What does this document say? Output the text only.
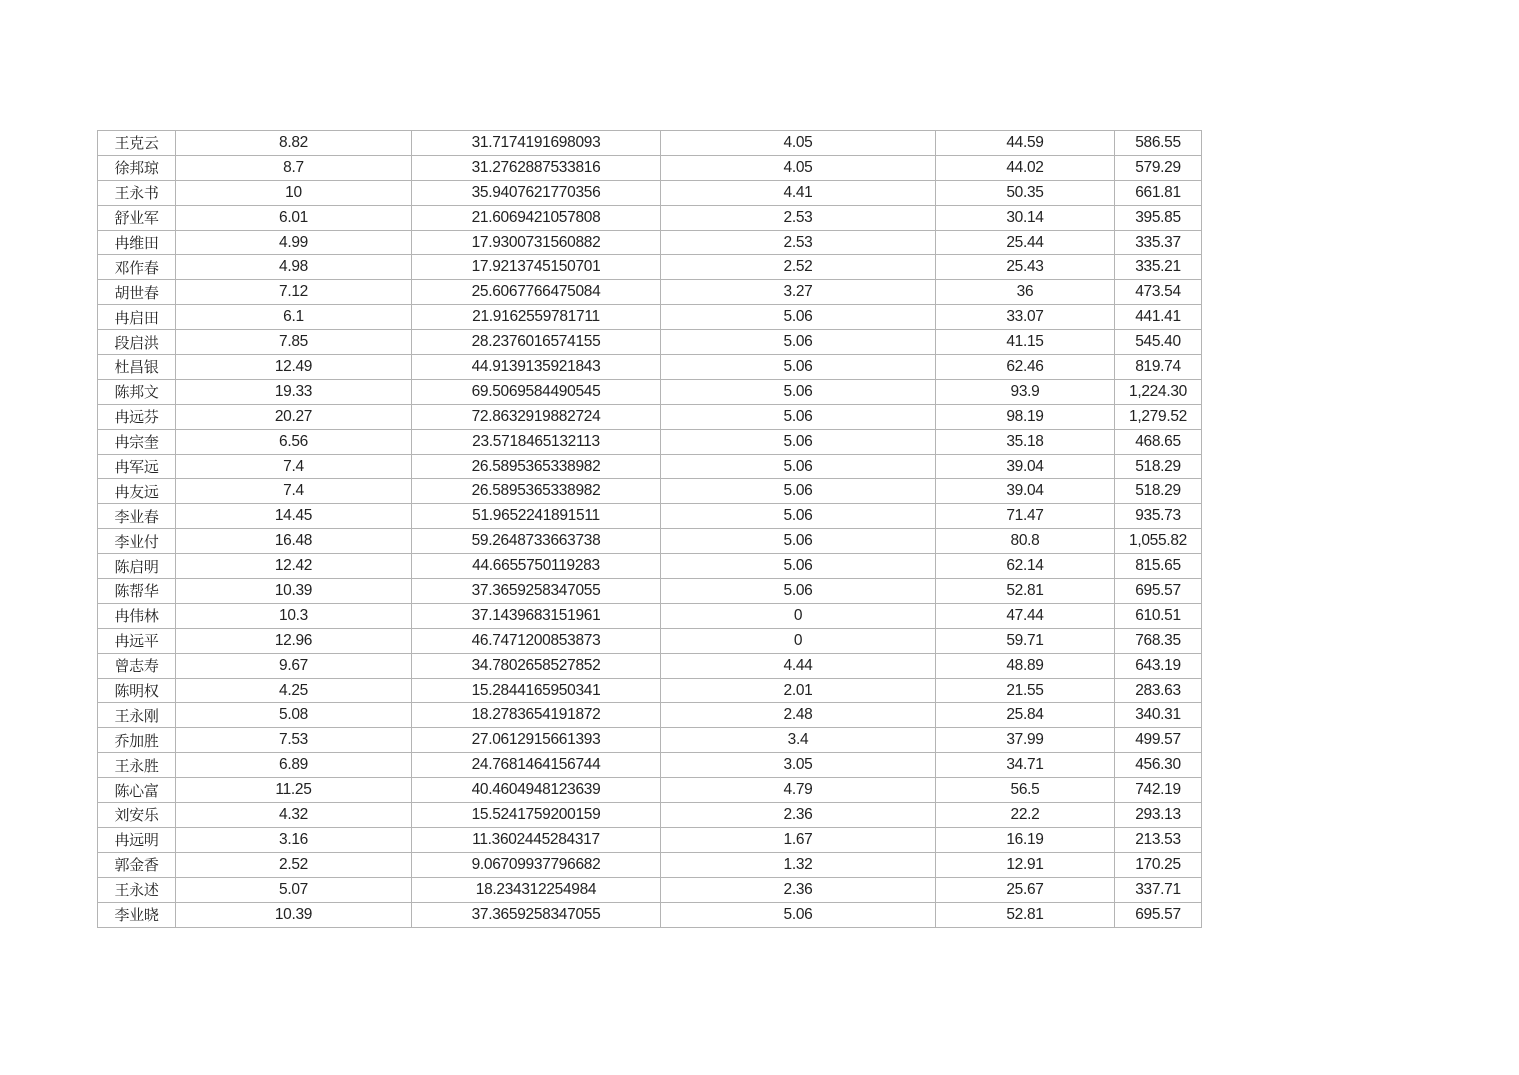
王克云	8.82	31.7174191698093	4.05	44.59	586.55
徐邦琼	8.7	31.2762887533816	4.05	44.02	579.29
王永书	10	35.9407621770356	4.41	50.35	661.81
舒业军	6.01	21.6069421057808	2.53	30.14	395.85
冉维田	4.99	17.9300731560882	2.53	25.44	335.37
邓作春	4.98	17.9213745150701	2.52	25.43	335.21
胡世春	7.12	25.6067766475084	3.27	36	473.54
冉启田	6.1	21.9162559781711	5.06	33.07	441.41
段启洪	7.85	28.2376016574155	5.06	41.15	545.40
杜昌银	12.49	44.9139135921843	5.06	62.46	819.74
陈邦文	19.33	69.5069584490545	5.06	93.9	1,224.30
冉远芬	20.27	72.8632919882724	5.06	98.19	1,279.52
冉宗奎	6.56	23.5718465132113	5.06	35.18	468.65
冉军远	7.4	26.5895365338982	5.06	39.04	518.29
冉友远	7.4	26.5895365338982	5.06	39.04	518.29
李业春	14.45	51.9652241891511	5.06	71.47	935.73
李业付	16.48	59.2648733663738	5.06	80.8	1,055.82
陈启明	12.42	44.6655750119283	5.06	62.14	815.65
陈帮华	10.39	37.3659258347055	5.06	52.81	695.57
冉伟林	10.3	37.1439683151961	0	47.44	610.51
冉远平	12.96	46.7471200853873	0	59.71	768.35
曾志寿	9.67	34.7802658527852	4.44	48.89	643.19
陈明权	4.25	15.2844165950341	2.01	21.55	283.63
王永刚	5.08	18.2783654191872	2.48	25.84	340.31
乔加胜	7.53	27.0612915661393	3.4	37.99	499.57
王永胜	6.89	24.7681464156744	3.05	34.71	456.30
陈心富	11.25	40.4604948123639	4.79	56.5	742.19
刘安乐	4.32	15.5241759200159	2.36	22.2	293.13
冉远明	3.16	11.3602445284317	1.67	16.19	213.53
郭金香	2.52	9.06709937796682	1.32	12.91	170.25
王永述	5.07	18.234312254984	2.36	25.67	337.71
李业晓	10.39	37.3659258347055	5.06	52.81	695.57
